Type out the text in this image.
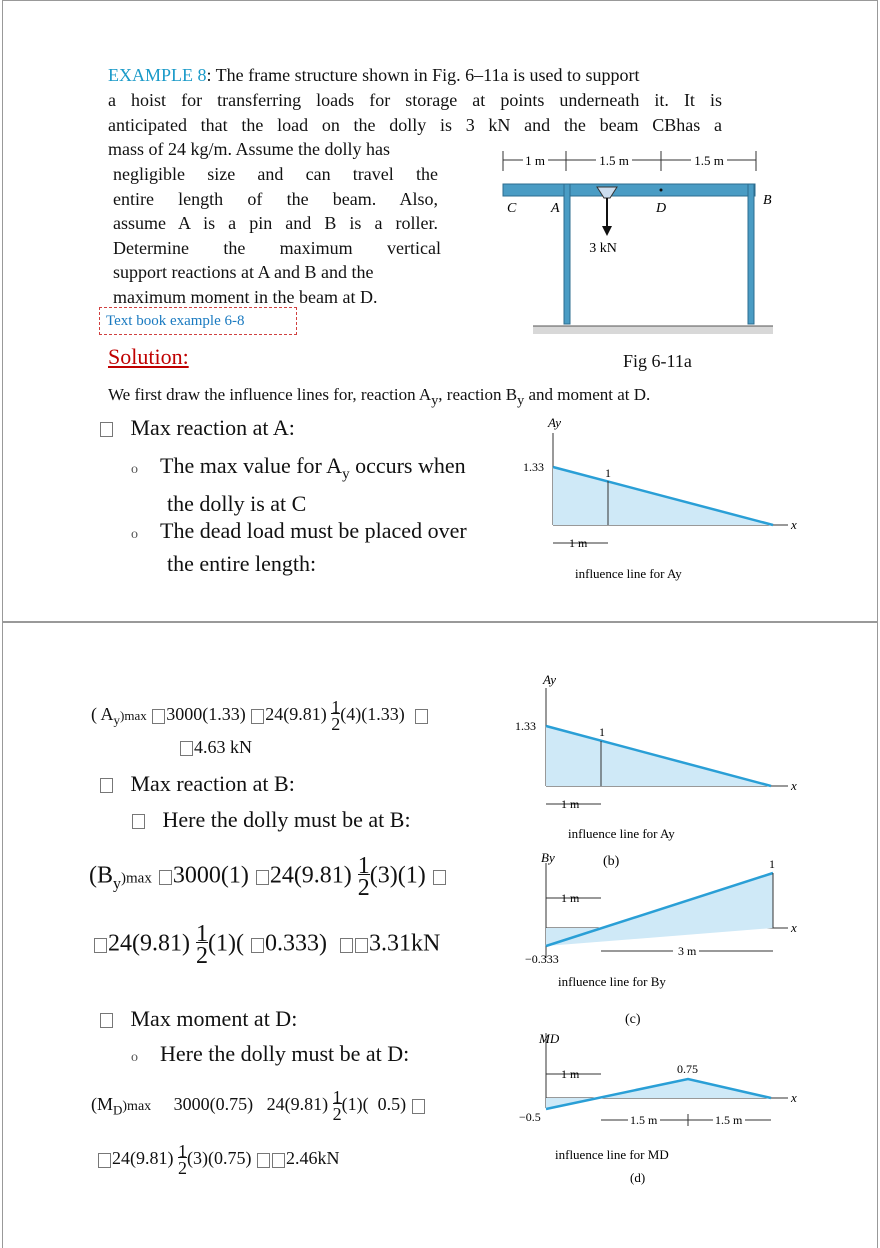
EXAMPLE 8: The frame structure shown in Fig. 6–11a is used to support
a hoist for transferring loads for storage at points underneath it. It is
anticipated that the load on the dolly is 3 kN and the beam CBhas a
mass of 24 kg/m. Assume the dolly has
negligible size and can travel the
entire length of the beam. Also,
assume A is a pin and B is a roller.
Determine the maximum vertical
support reactions at A and B and the
maximum moment in the beam at D.
Text book example 6-8
Solution:
1 m	1.5 m	1.5 m
3 kN
C A	D
B
Fig 6-11a
We first draw the influence lines for, reaction $A_y$, reaction $B_y$ and moment at D.
Max reaction at A:
o The max value for $A_y$ occurs when
the dolly is at C
o The dead load must be placed over
the entire length:
Ay
1.33	1
x
1 m
influence line for Ay
( $A_y)\max$ 3000(1.33) $24(9.81) \frac{1}{2}(4)(1.33)$
4.63 kN
Max reaction at B:
Here the dolly must be at B:
$(B_y)\max$ 3000(1) $24(9.81) \frac{1}{2}(3)(1)$
$24(9.81) \frac{1}{2}(1)$( 0.333) 3.31kN
Max moment at D:
o Here the dolly must be at D:
$(M_D)\max$ 3000(0.75) $24(9.81) \frac{1}{2}(1)$( 0.5)
$24(9.81) \frac{1}{2}(3)(0.75)$ 2.46kN
Ay
1.33	1
x
1 m
influence line for Ay
(b)
By	1
−0.333
x
1 m
3 m
influence line for By
(c)
MD
0.75
−0.5
x
1 m
1.5 m	1.5 m
influence line for MD
(d)
